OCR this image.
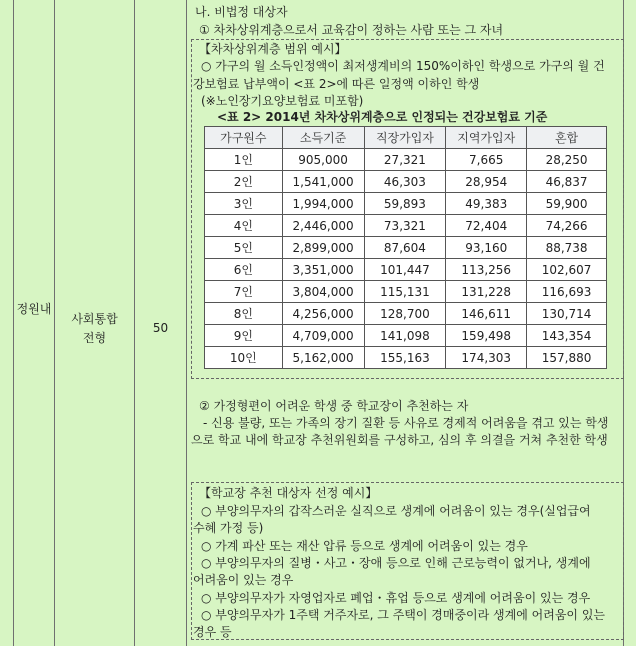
정원내
사회통합
전형
50
나. 비법정 대상자
① 차차상위계층으로서 교육감이 정하는 사람 또는 그 자녀
【차차상위계층 범위 예시】
○ 가구의 월 소득인정액이 최저생계비의 150%이하인 학생으로 가구의 월 건
강보험료 납부액이 <표 2>에 따른 일정액 이하인 학생
(※노인장기요양보험료 미포함)
<표 2> 2014년 차차상위계층으로 인정되는 건강보험료 기준
가구원수	소득기준	직장가입자	지역가입자	혼합
1인	905,000	27,321	7,665	28,250
2인	1,541,000	46,303	28,954	46,837
3인	1,994,000	59,893	49,383	59,900
4인	2,446,000	73,321	72,404	74,266
5인	2,899,000	87,604	93,160	88,738
6인	3,351,000	101,447	113,256	102,607
7인	3,804,000	115,131	131,228	116,693
8인	4,256,000	128,700	146,611	130,714
9인	4,709,000	141,098	159,498	143,354
10인	5,162,000	155,163	174,303	157,880
② 가정형편이 어려운 학생 중 학교장이 추천하는 자
- 신용 불량, 또는 가족의 장기 질환 등 사유로 경제적 어려움을 겪고 있는 학생
으로 학교 내에 학교장 추천위원회를 구성하고, 심의 후 의결을 거쳐 추천한 학생
【학교장 추천 대상자 선정 예시】
○ 부양의무자의 갑작스러운 실직으로 생계에 어려움이 있는 경우(실업급여
수혜 가정 등)
○ 가계 파산 또는 재산 압류 등으로 생계에 어려움이 있는 경우
○ 부양의무자의 질병・사고・장애 등으로 인해 근로능력이 없거나, 생계에
어려움이 있는 경우
○ 부양의무자가 자영업자로 폐업・휴업 등으로 생계에 어려움이 있는 경우
○ 부양의무자가 1주택 거주자로, 그 주택이 경매중이라 생계에 어려움이 있는
경우 등
